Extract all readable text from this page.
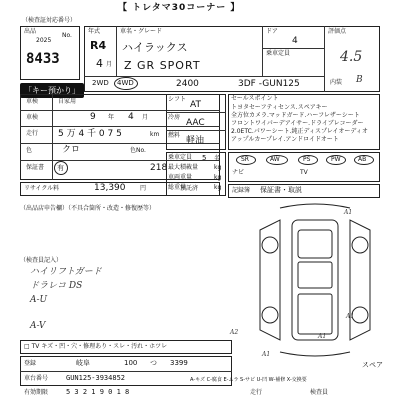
【 トレタマ30コーナー 】
（検査証対応番号）
出品
2025
No.
8433
「キー預かり」
年式
R4
4 月
車名・グレード
ハイラックス
Z GR SPORT
ドア
4
乗車定員
評価点
4.5
内装 B
2WD 4WD	2400	3DF -GUN125
車検	自家用
車検	9 年 4 月
走行 5 万 4 千 0 7 5	km
色	クロ	色No.
保証書 有	218
リサイクル料	13,390 円	預託済
シフト
AT
冷房
AAC
燃料
軽油
乗車定員 5 名
最大積載量	kg
車両重量	kg
総重量	kg
セールスポイント
トヨタセーフティセンス.スペアキー
全方位カメラ.マッドガード.ハーフレザーシート
フロントワイパーデアイサー.ドライブレコーダー
2.0ETC.パワーシート.純正ディスプレイオーディオ
アップルカープレイ.アンドロイドオート
SR	AW	PS	PW	AB
ナビ	TV
記録簿 保証書・取説
（出品店申告欄）（不具合箇所・改造・修復歴等）
（検査員記入）
ハイリフトガード
ドラレコ DS
A-U
A-V
A1
A1
A2
A1
A1
スペア
□ TV キズ・凹・穴・修理あり・スレ・汚れ・ホツレ
登録	岐阜	100 つ 3399
車台番号	GUN125-3934852
有効期限	5 3 2 1 9 0 1 8	走行	検査員
A-キズ C-腐食 E-ムラ S-サビ U-凹 W-補修 X-交換要
